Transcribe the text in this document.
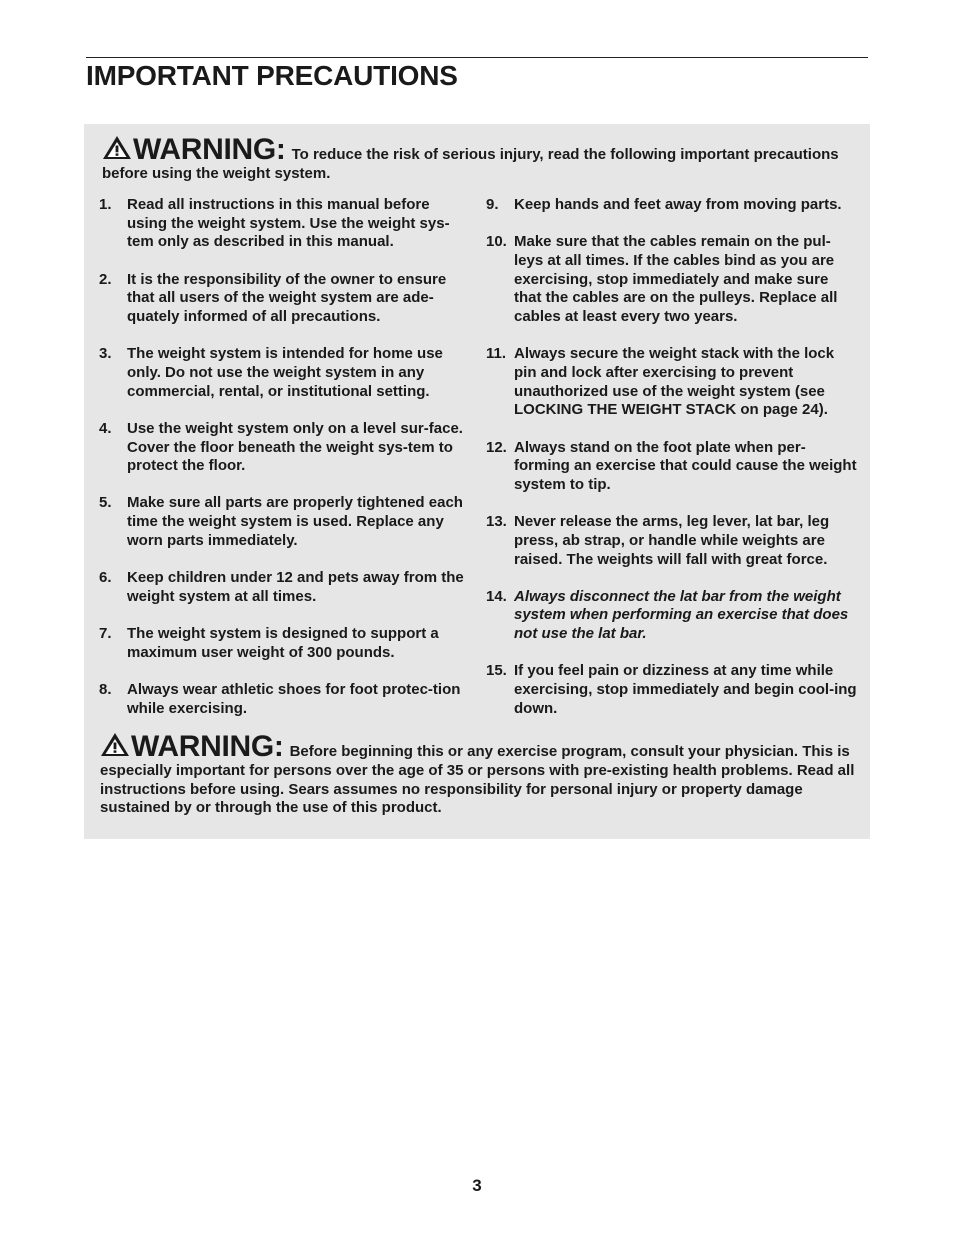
IMPORTANT PRECAUTIONS
WARNING: To reduce the risk of serious injury, read the following important precautions before using the weight system.
1. Read all instructions in this manual before using the weight system. Use the weight sys-tem only as described in this manual.
2. It is the responsibility of the owner to ensure that all users of the weight system are ade-quately informed of all precautions.
3. The weight system is intended for home use only. Do not use the weight system in any commercial, rental, or institutional setting.
4. Use the weight system only on a level sur-face. Cover the floor beneath the weight sys-tem to protect the floor.
5. Make sure all parts are properly tightened each time the weight system is used. Replace any worn parts immediately.
6. Keep children under 12 and pets away from the weight system at all times.
7. The weight system is designed to support a maximum user weight of 300 pounds.
8. Always wear athletic shoes for foot protec-tion while exercising.
9. Keep hands and feet away from moving parts.
10. Make sure that the cables remain on the pul-leys at all times. If the cables bind as you are exercising, stop immediately and make sure that the cables are on the pulleys. Replace all cables at least every two years.
11. Always secure the weight stack with the lock pin and lock after exercising to prevent unauthorized use of the weight system (see LOCKING THE WEIGHT STACK on page 24).
12. Always stand on the foot plate when per-forming an exercise that could cause the weight system to tip.
13. Never release the arms, leg lever, lat bar, leg press, ab strap, or handle while weights are raised. The weights will fall with great force.
14. Always disconnect the lat bar from the weight system when performing an exercise that does not use the lat bar.
15. If you feel pain or dizziness at any time while exercising, stop immediately and begin cool-ing down.
WARNING: Before beginning this or any exercise program, consult your physician. This is especially important for persons over the age of 35 or persons with pre-existing health problems. Read all instructions before using. Sears assumes no responsibility for personal injury or property damage sustained by or through the use of this product.
3
